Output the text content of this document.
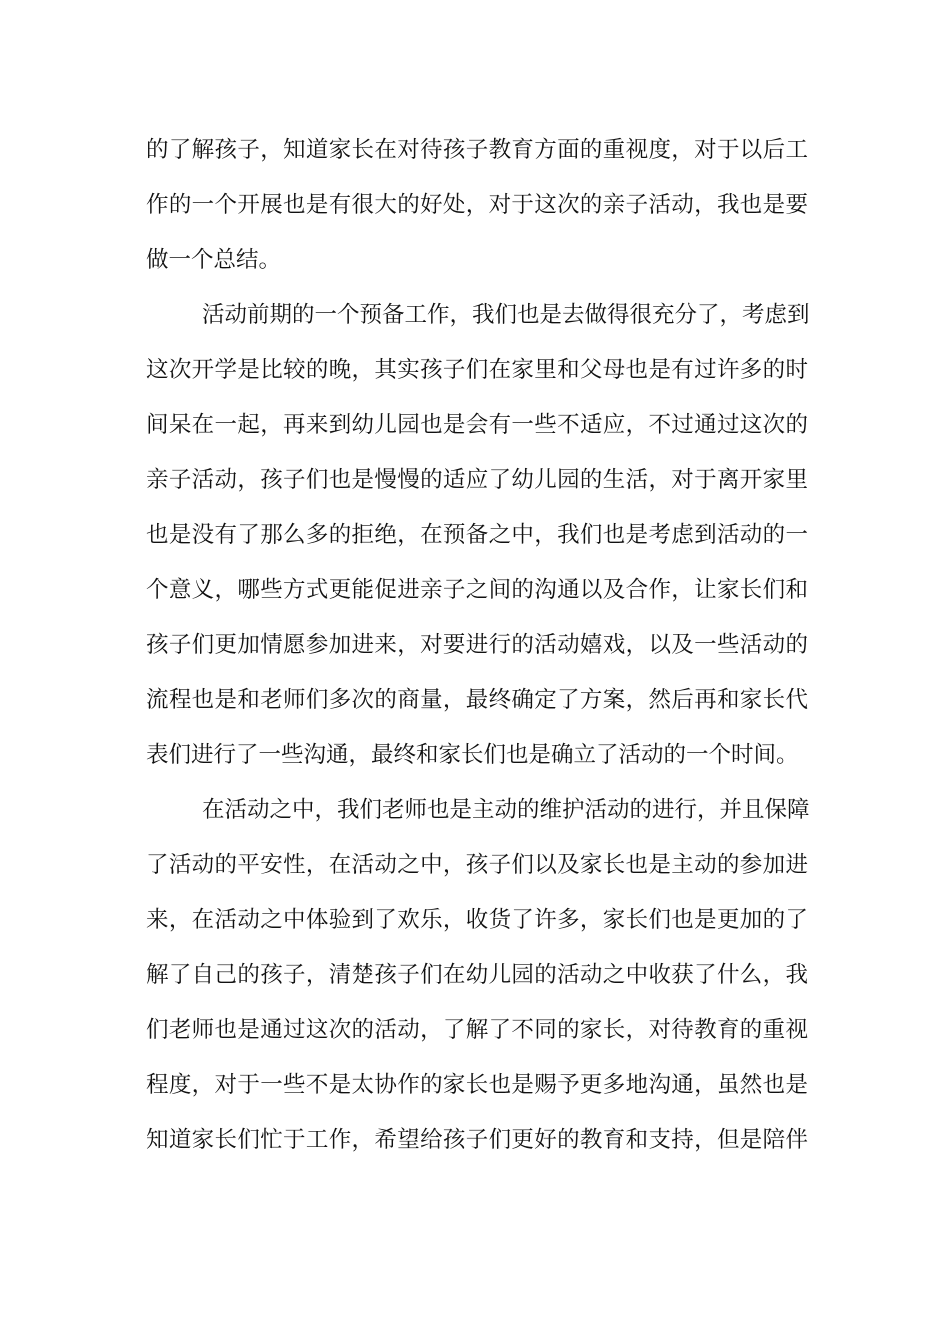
的了解孩子，知道家长在对待孩子教育方面的重视度，对于以后工
作的一个开展也是有很大的好处，对于这次的亲子活动，我也是要
做一个总结。
活动前期的一个预备工作，我们也是去做得很充分了，考虑到
这次开学是比较的晚，其实孩子们在家里和父母也是有过许多的时
间呆在一起，再来到幼儿园也是会有一些不适应，不过通过这次的
亲子活动，孩子们也是慢慢的适应了幼儿园的生活，对于离开家里
也是没有了那么多的拒绝，在预备之中，我们也是考虑到活动的一
个意义，哪些方式更能促进亲子之间的沟通以及合作，让家长们和
孩子们更加情愿参加进来，对要进行的活动嬉戏，以及一些活动的
流程也是和老师们多次的商量，最终确定了方案，然后再和家长代
表们进行了一些沟通，最终和家长们也是确立了活动的一个时间。
在活动之中，我们老师也是主动的维护活动的进行，并且保障
了活动的平安性，在活动之中，孩子们以及家长也是主动的参加进
来，在活动之中体验到了欢乐，收货了许多，家长们也是更加的了
解了自己的孩子，清楚孩子们在幼儿园的活动之中收获了什么，我
们老师也是通过这次的活动，了解了不同的家长，对待教育的重视
程度，对于一些不是太协作的家长也是赐予更多地沟通，虽然也是
知道家长们忙于工作，希望给孩子们更好的教育和支持，但是陪伴
